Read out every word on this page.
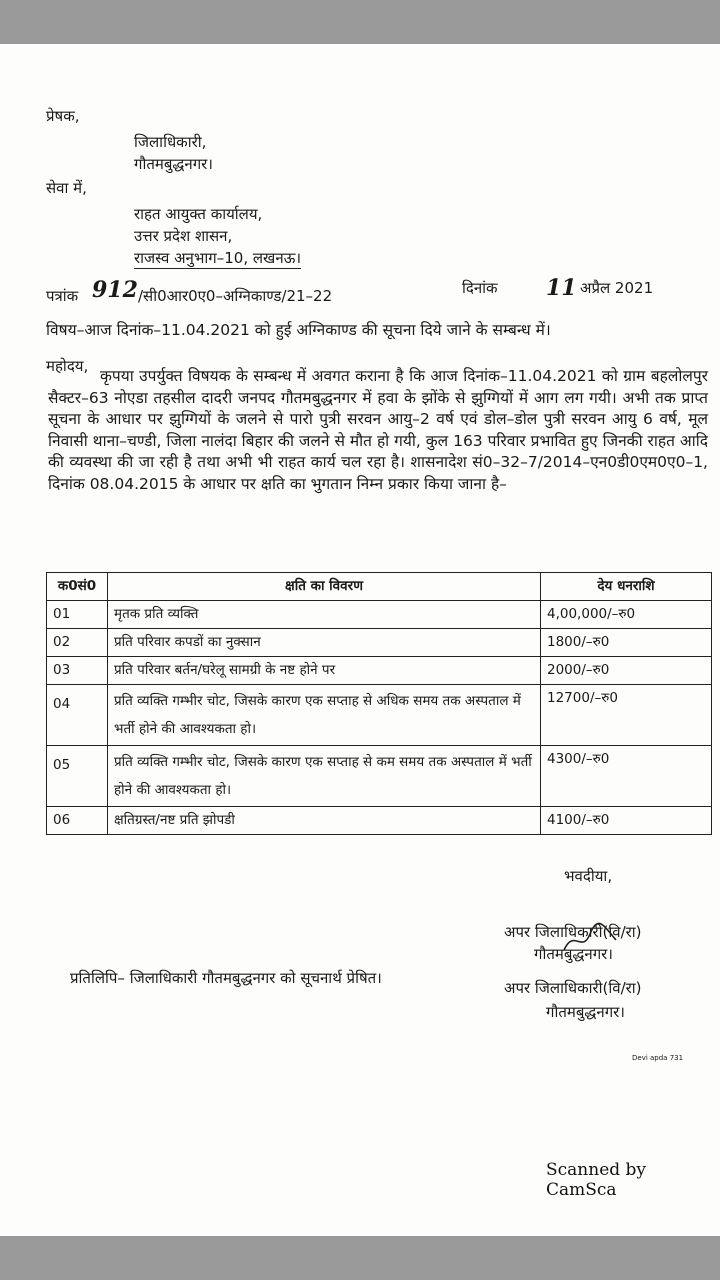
प्रेषक,
जिलाधिकारी,
गौतमबुद्धनगर।
सेवा में,
राहत आयुक्त कार्यालय,
उत्तर प्रदेश शासन,
राजस्व अनुभाग–10, लखनऊ।
पत्रांक 912 /सी0आर0ए0–अग्निकाण्ड/21–22	दिनांक 11 अप्रैल 2021
विषय–आज दिनांक–11.04.2021 को हुई अग्निकाण्ड की सूचना दिये जाने के सम्बन्ध में।
महोदय,
कृपया उपर्युक्त विषयक के सम्बन्ध में अवगत कराना है कि आज दिनांक–11.04.2021 को ग्राम बहलोलपुर सैक्टर–63 नोएडा तहसील दादरी जनपद गौतमबुद्धनगर में हवा के झोंके से झुग्गियों में आग लग गयी। अभी तक प्राप्त सूचना के आधार पर झुग्गियों के जलने से पारो पुत्री सरवन आयु–2 वर्ष एवं डोल–डोल पुत्री सरवन आयु 6 वर्ष, मूल निवासी थाना–चण्डी, जिला नालंदा बिहार की जलने से मौत हो गयी, कुल 163 परिवार प्रभावित हुए जिनकी राहत आदि की व्यवस्था की जा रही है तथा अभी भी राहत कार्य चल रहा है। शासनादेश सं0–32–7/2014–एन0डी0एम0ए0–1, दिनांक 08.04.2015 के आधार पर क्षति का भुगतान निम्न प्रकार किया जाना है–
क0सं0	क्षति का विवरण	देय धनराशि
01	मृतक प्रति व्यक्ति	4,00,000/–रु0
02	प्रति परिवार कपडों का नुक्सान	1800/–रु0
03	प्रति परिवार बर्तन/घरेलू सामग्री के नष्ट होने पर	2000/–रु0
04	प्रति व्यक्ति गम्भीर चोट, जिसके कारण एक सप्ताह से अधिक समय तक अस्पताल में भर्ती होने की आवश्यकता हो।	12700/–रु0
05	प्रति व्यक्ति गम्भीर चोट, जिसके कारण एक सप्ताह से कम समय तक अस्पताल में भर्ती होने की आवश्यकता हो।	4300/–रु0
06	क्षतिग्रस्त/नष्ट प्रति झोपडी	4100/–रु0
भवदीया,
अपर जिलाधिकारी(वि/रा)
गौतमबुद्धनगर।
प्रतिलिपि– जिलाधिकारी गौतमबुद्धनगर को सूचनार्थ प्रेषित।
अपर जिलाधिकारी(वि/रा)
गौतमबुद्धनगर।
Devi apda 731
Scanned by CamSca
